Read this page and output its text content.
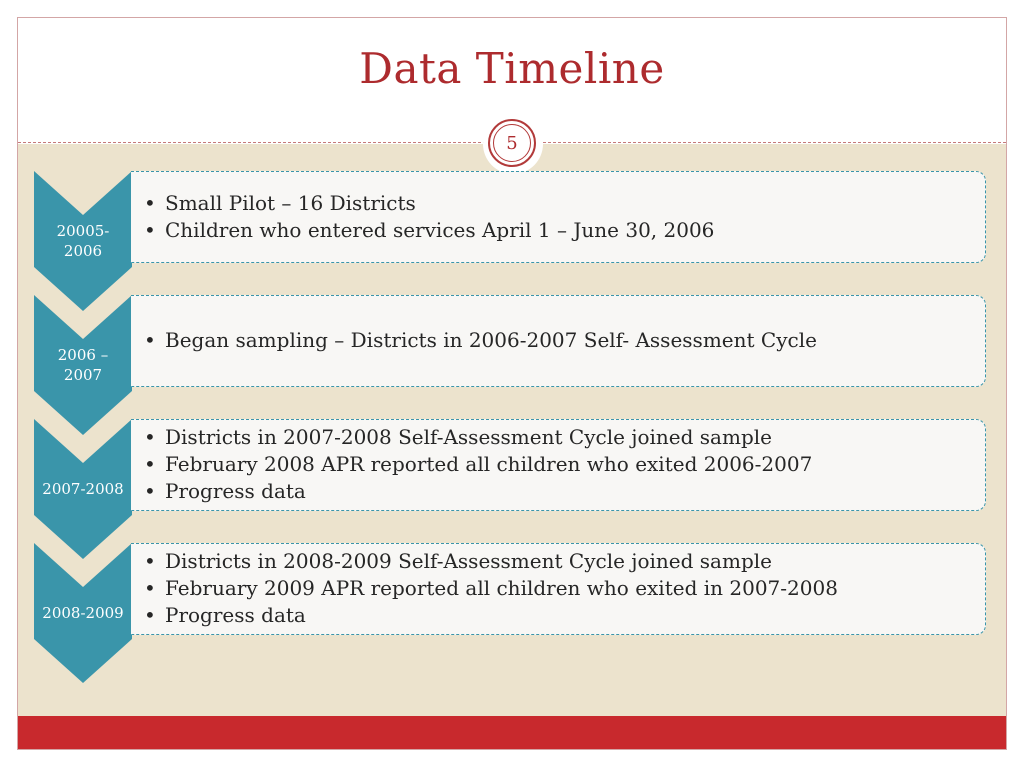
Data Timeline
5
20005-
2006
• Small Pilot – 16 Districts
• Children who entered services April 1 – June 30, 2006
2006 –
2007
• Began sampling – Districts in 2006-2007 Self- Assessment Cycle
2007-2008
• Districts in 2007-2008 Self-Assessment Cycle joined sample
• February 2008 APR reported all children who exited 2006-2007
• Progress data
2008-2009
• Districts in 2008-2009 Self-Assessment Cycle joined sample
• February 2009 APR reported all children who exited in 2007-2008
• Progress data
